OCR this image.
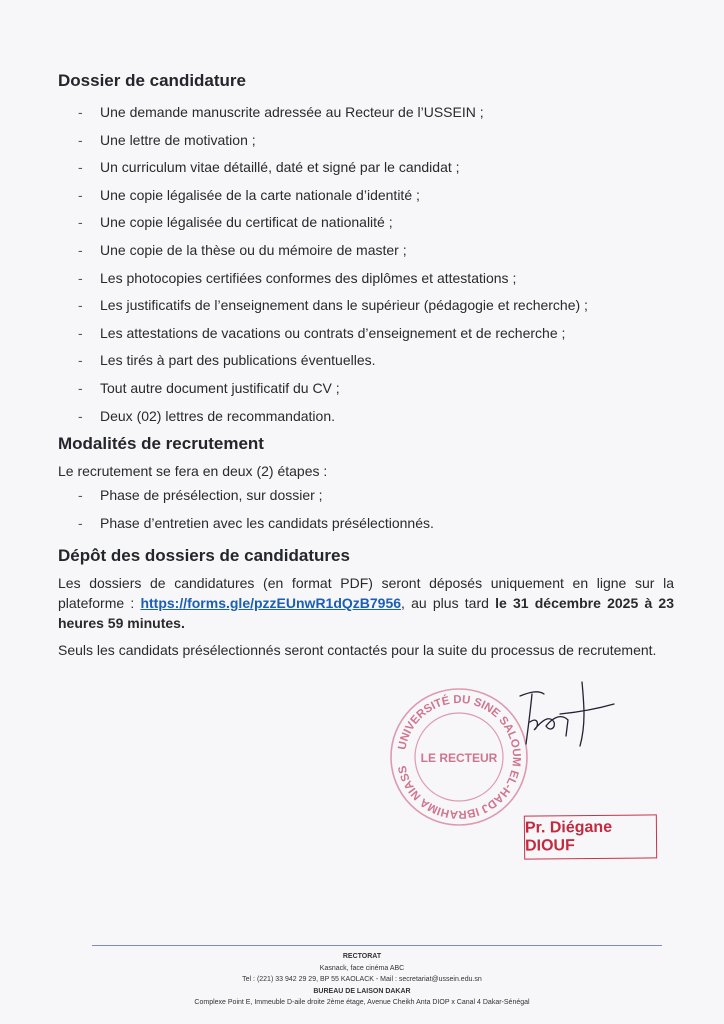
Dossier de candidature
- Une demande manuscrite adressée au Recteur de l’USSEIN ;
- Une lettre de motivation ;
- Un curriculum vitae détaillé, daté et signé par le candidat ;
- Une copie légalisée de la carte nationale d’identité ;
- Une copie légalisée du certificat de nationalité ;
- Une copie de la thèse ou du mémoire de master ;
- Les photocopies certifiées conformes des diplômes et attestations ;
- Les justificatifs de l’enseignement dans le supérieur (pédagogie et recherche) ;
- Les attestations de vacations ou contrats d’enseignement et de recherche ;
- Les tirés à part des publications éventuelles.
- Tout autre document justificatif du CV ;
- Deux (02) lettres de recommandation.
Modalités de recrutement

Le recrutement se fera en deux (2) étapes :

- Phase de présélection, sur dossier ;
- Phase d’entretien avec les candidats présélectionnés.
Dépôt des dossiers de candidatures

Les dossiers de candidatures (en format PDF) seront déposés uniquement en ligne sur la plateforme : https://forms.gle/pzzEUnwR1dQzB7956, au plus tard le 31 décembre 2025 à 23 heures 59 minutes.

Seuls les candidats présélectionnés seront contactés pour la suite du processus de recrutement.

UNIVERSITÉ DU SINE SALOUM EL-HADJ IBRAHIMA NIASS
LE RECTEUR
Pr. Diégane DIOUF
RECTORAT
Kasnack, face cinéma ABC
Tel : (221) 33 942 29 29, BP 55 KAOLACK - Mail : secretariat@ussein.edu.sn
BUREAU DE LAISON DAKAR
Complexe Point E, Immeuble D-aile droite 2ème étage, Avenue Cheikh Anta DIOP x Canal 4 Dakar-Sénégal
